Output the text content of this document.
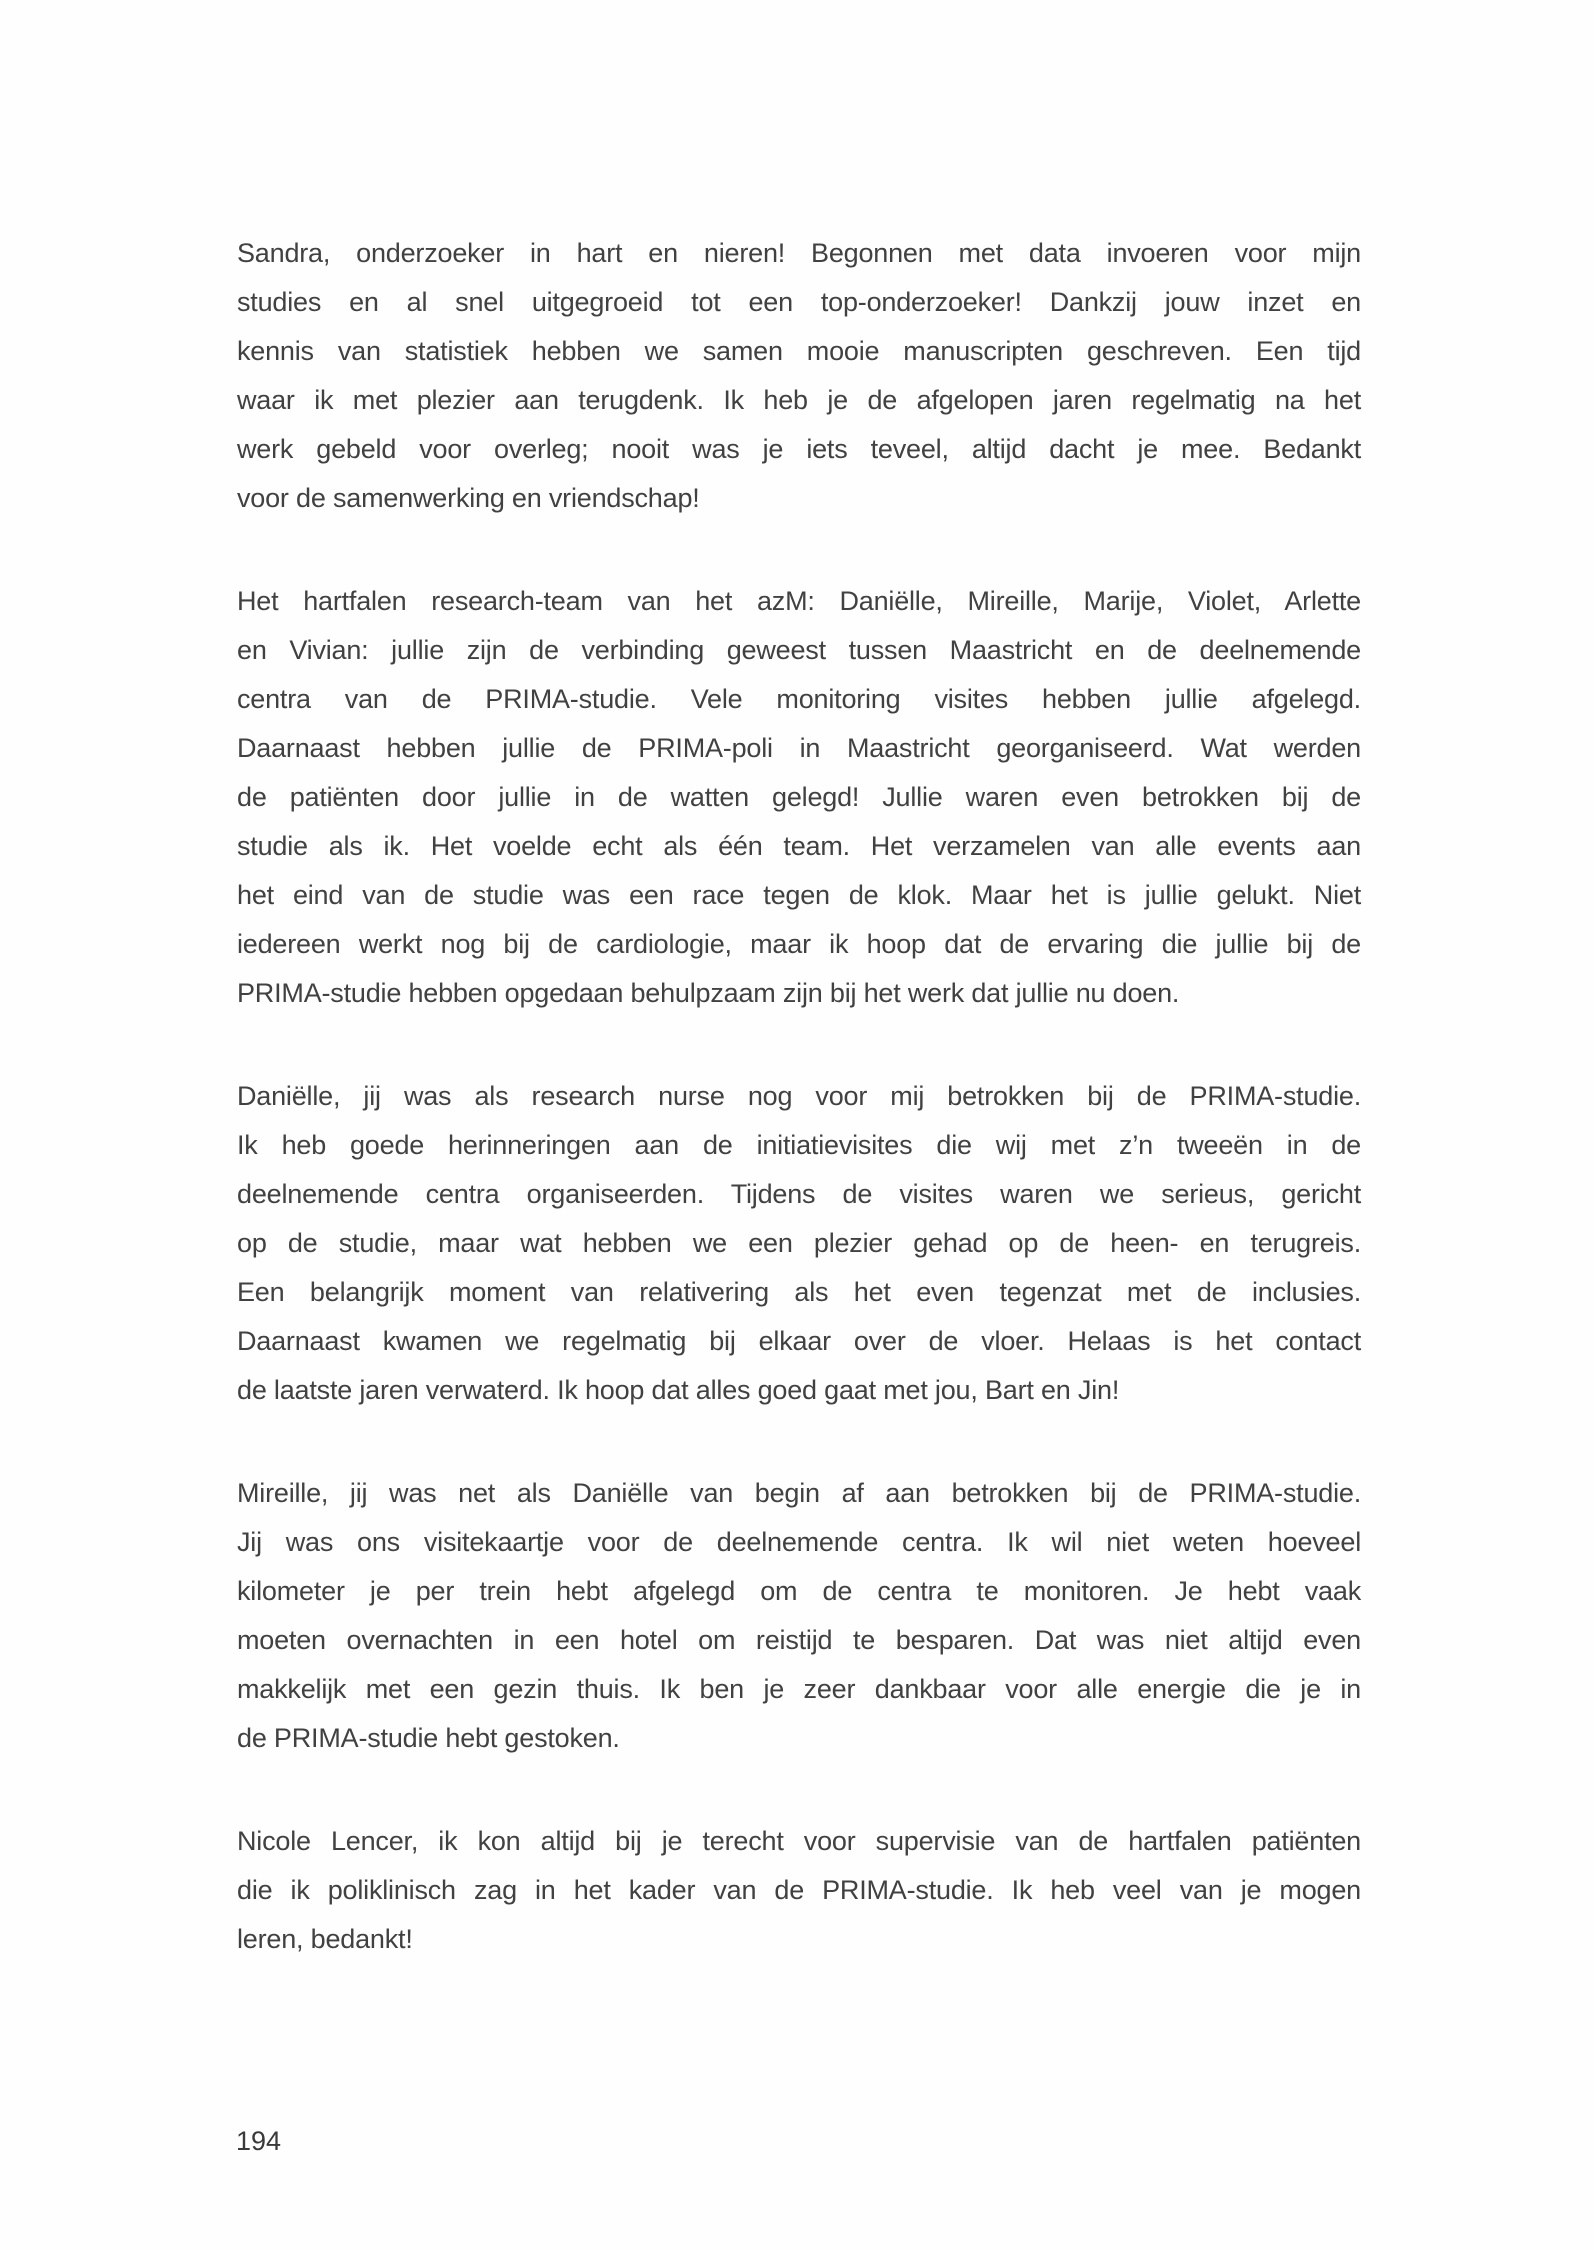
Sandra, onderzoeker in hart en nieren! Begonnen met data invoeren voor mijn
studies en al snel uitgegroeid tot een top-onderzoeker! Dankzij jouw inzet en
kennis van statistiek hebben we samen mooie manuscripten geschreven. Een tijd
waar ik met plezier aan terugdenk. Ik heb je de afgelopen jaren regelmatig na het
werk gebeld voor overleg; nooit was je iets teveel, altijd dacht je mee. Bedankt
voor de samenwerking en vriendschap!
Het hartfalen research-team van het azM: Daniëlle, Mireille, Marije, Violet, Arlette
en Vivian: jullie zijn de verbinding geweest tussen Maastricht en de deelnemende
centra van de PRIMA-studie. Vele monitoring visites hebben jullie afgelegd.
Daarnaast hebben jullie de PRIMA-poli in Maastricht georganiseerd. Wat werden
de patiënten door jullie in de watten gelegd! Jullie waren even betrokken bij de
studie als ik. Het voelde echt als één team. Het verzamelen van alle events aan
het eind van de studie was een race tegen de klok. Maar het is jullie gelukt. Niet
iedereen werkt nog bij de cardiologie, maar ik hoop dat de ervaring die jullie bij de
PRIMA-studie hebben opgedaan behulpzaam zijn bij het werk dat jullie nu doen.
Daniëlle, jij was als research nurse nog voor mij betrokken bij de PRIMA-studie.
Ik heb goede herinneringen aan de initiatievisites die wij met z’n tweeën in de
deelnemende centra organiseerden. Tijdens de visites waren we serieus, gericht
op de studie, maar wat hebben we een plezier gehad op de heen- en terugreis.
Een belangrijk moment van relativering als het even tegenzat met de inclusies.
Daarnaast kwamen we regelmatig bij elkaar over de vloer. Helaas is het contact
de laatste jaren verwaterd. Ik hoop dat alles goed gaat met jou, Bart en Jin!
Mireille, jij was net als Daniëlle van begin af aan betrokken bij de PRIMA-studie.
Jij was ons visitekaartje voor de deelnemende centra. Ik wil niet weten hoeveel
kilometer je per trein hebt afgelegd om de centra te monitoren. Je hebt vaak
moeten overnachten in een hotel om reistijd te besparen. Dat was niet altijd even
makkelijk met een gezin thuis. Ik ben je zeer dankbaar voor alle energie die je in
de PRIMA-studie hebt gestoken.
Nicole Lencer, ik kon altijd bij je terecht voor supervisie van de hartfalen patiënten
die ik poliklinisch zag in het kader van de PRIMA-studie. Ik heb veel van je mogen
leren, bedankt!
194
